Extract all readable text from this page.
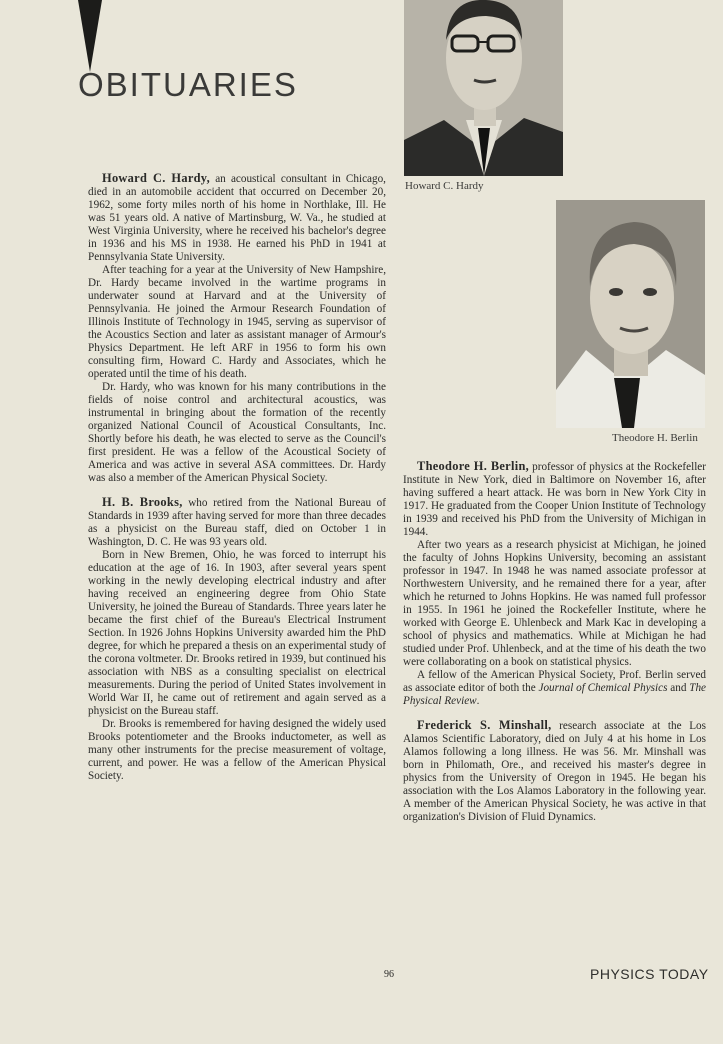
OBITUARIES
Howard C. Hardy
Theodore H. Berlin

Howard C. Hardy, an acoustical consultant in Chicago, died in an automobile accident that occurred on December 20, 1962, some forty miles north of his home in Northlake, Ill. He was 51 years old. A native of Martinsburg, W. Va., he studied at West Virginia University, where he received his bachelor's degree in 1936 and his MS in 1938. He earned his PhD in 1941 at Pennsylvania State University.

After teaching for a year at the University of New Hampshire, Dr. Hardy became involved in the wartime programs in underwater sound at Harvard and at the University of Pennsylvania. He joined the Armour Research Foundation of Illinois Institute of Technology in 1945, serving as supervisor of the Acoustics Section and later as assistant manager of Armour's Physics Department. He left ARF in 1956 to form his own consulting firm, Howard C. Hardy and Associates, which he operated until the time of his death.

Dr. Hardy, who was known for his many contributions in the fields of noise control and architectural acoustics, was instrumental in bringing about the formation of the recently organized National Council of Acoustical Consultants, Inc. Shortly before his death, he was elected to serve as the Council's first president. He was a fellow of the Acoustical Society of America and was active in several ASA committees. Dr. Hardy was also a member of the American Physical Society.

H. B. Brooks, who retired from the National Bureau of Standards in 1939 after having served for more than three decades as a physicist on the Bureau staff, died on October 1 in Washington, D. C. He was 93 years old.

Born in New Bremen, Ohio, he was forced to interrupt his education at the age of 16. In 1903, after several years spent working in the newly developing electrical industry and after having received an engineering degree from Ohio State University, he joined the Bureau of Standards. Three years later he became the first chief of the Bureau's Electrical Instrument Section. In 1926 Johns Hopkins University awarded him the PhD degree, for which he prepared a thesis on an experimental study of the corona voltmeter. Dr. Brooks retired in 1939, but continued his association with NBS as a consulting specialist on electrical measurements. During the period of United States involvement in World War II, he came out of retirement and again served as a physicist on the Bureau staff.

Dr. Brooks is remembered for having designed the widely used Brooks potentiometer and the Brooks inductometer, as well as many other instruments for the precise measurement of voltage, current, and power. He was a fellow of the American Physical Society.

Theodore H. Berlin, professor of physics at the Rockefeller Institute in New York, died in Baltimore on November 16, after having suffered a heart attack. He was born in New York City in 1917. He graduated from the Cooper Union Institute of Technology in 1939 and received his PhD from the University of Michigan in 1944.

After two years as a research physicist at Michigan, he joined the faculty of Johns Hopkins University, becoming an assistant professor in 1947. In 1948 he was named associate professor at Northwestern University, and he remained there for a year, after which he returned to Johns Hopkins. He was named full professor in 1955. In 1961 he joined the Rockefeller Institute, where he worked with George E. Uhlenbeck and Mark Kac in developing a school of physics and mathematics. While at Michigan he had studied under Prof. Uhlenbeck, and at the time of his death the two were collaborating on a book on statistical physics.

A fellow of the American Physical Society, Prof. Berlin served as associate editor of both the Journal of Chemical Physics and The Physical Review.

Frederick S. Minshall, research associate at the Los Alamos Scientific Laboratory, died on July 4 at his home in Los Alamos following a long illness. He was 56. Mr. Minshall was born in Philomath, Ore., and received his master's degree in physics from the University of Oregon in 1945. He began his association with the Los Alamos Laboratory in the following year. A member of the American Physical Society, he was active in that organization's Division of Fluid Dynamics.

96	PHYSICS TODAY
